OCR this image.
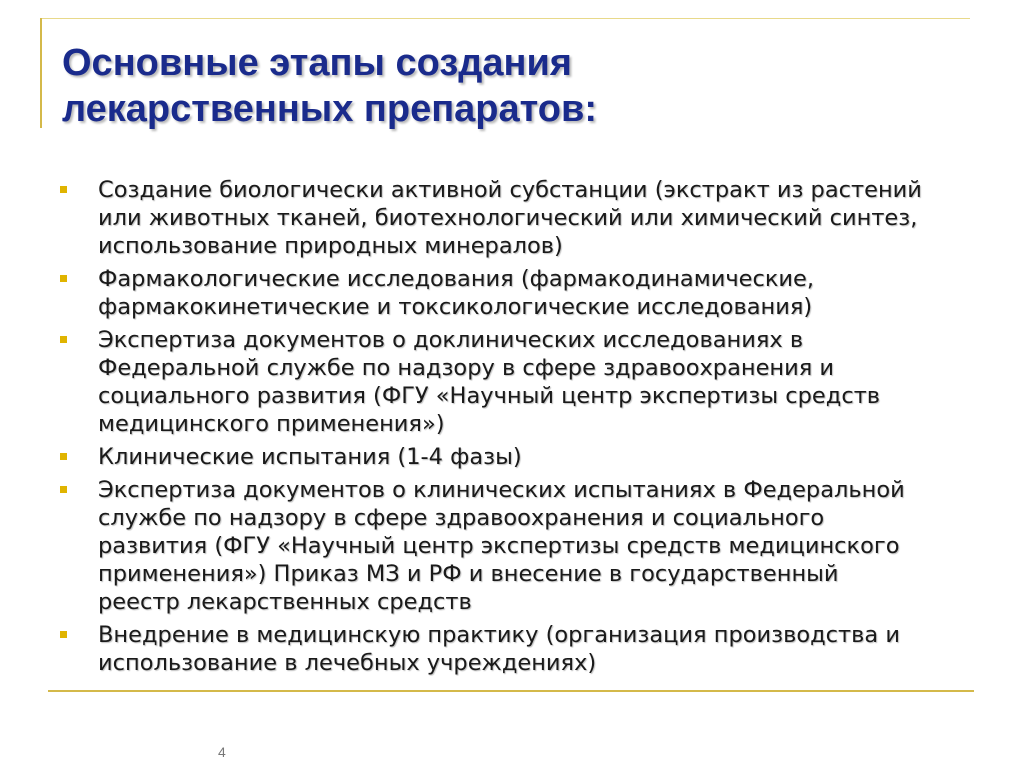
Основные этапы создания
лекарственных препаратов:
Создание биологически активной субстанции (экстракт из растений
или животных тканей, биотехнологический или химический синтез,
использование природных минералов)
Фармакологические исследования (фармакодинамические,
фармакокинетические и токсикологические исследования)
Экспертиза документов о доклинических исследованиях в
Федеральной службе по надзору в сфере здравоохранения и
социального развития (ФГУ «Научный центр экспертизы средств
медицинского применения»)
Клинические испытания (1-4 фазы)
Экспертиза документов о клинических испытаниях в Федеральной
службе по надзору в сфере здравоохранения и социального
развития (ФГУ «Научный центр экспертизы средств медицинского
применения») Приказ МЗ и РФ и внесение в государственный
реестр лекарственных средств
Внедрение в медицинскую практику (организация производства и
использование в лечебных учреждениях)
4
